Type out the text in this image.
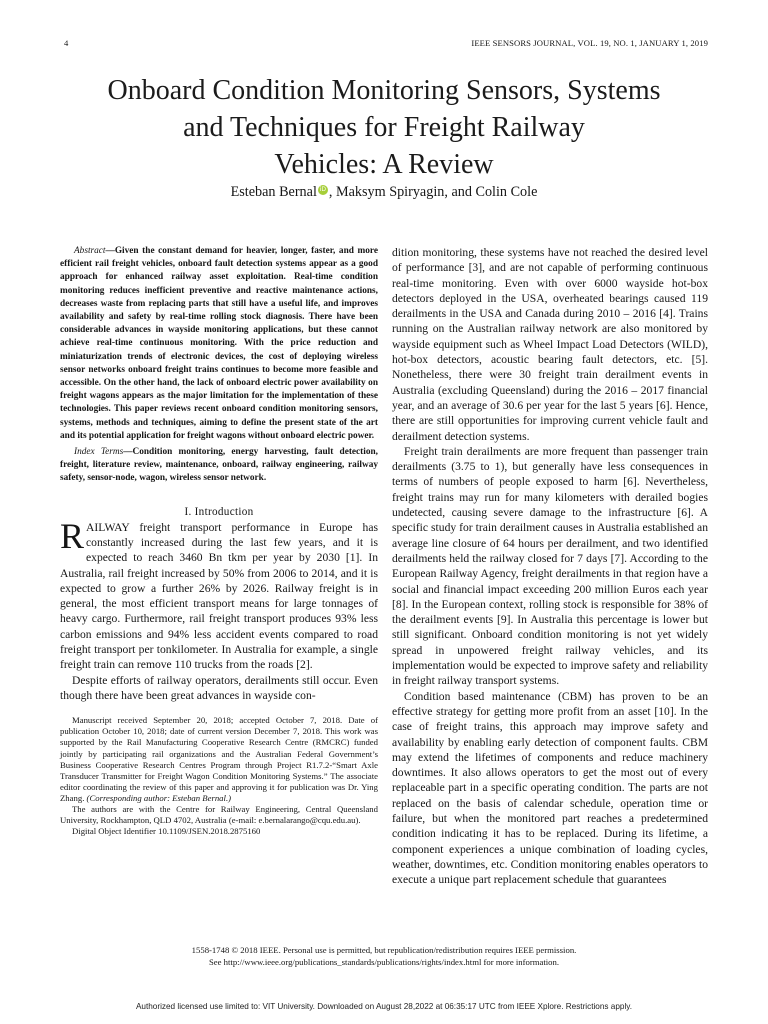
4	IEEE SENSORS JOURNAL, VOL. 19, NO. 1, JANUARY 1, 2019
Onboard Condition Monitoring Sensors, Systems
and Techniques for Freight Railway
Vehicles: A Review
Esteban Bernal iD , Maksym Spiryagin, and Colin Cole

Abstract—Given the constant demand for heavier, longer, faster, and more efficient rail freight vehicles, onboard fault detection systems appear as a good approach for enhanced railway asset exploitation. Real-time condition monitoring reduces inefficient preventive and reactive maintenance actions, decreases waste from replacing parts that still have a useful life, and improves availability and safety by real-time rolling stock diagnosis. There have been considerable advances in wayside monitoring applications, but these cannot achieve real-time continuous monitoring. With the price reduction and miniaturization trends of electronic devices, the cost of deploying wireless sensor networks onboard freight trains continues to become more feasible and accessible. On the other hand, the lack of onboard electric power availability on freight wagons appears as the major limitation for the implementation of these technologies. This paper reviews recent onboard condition monitoring sensors, systems, methods and techniques, aiming to define the present state of the art and its potential application for freight wagons without onboard electric power.

Index Terms—Condition monitoring, energy harvesting, fault detection, freight, literature review, maintenance, onboard, railway engineering, railway safety, sensor-node, wagon, wireless sensor network.

I. Introduction

RAILWAY freight transport performance in Europe has constantly increased during the last few years, and it is expected to reach 3460 Bn tkm per year by 2030 [1]. In Australia, rail freight increased by 50% from 2006 to 2014, and it is expected to grow a further 26% by 2026. Railway freight is in general, the most efficient transport means for large tonnages of heavy cargo. Furthermore, rail freight transport produces 93% less carbon emissions and 94% less accident events compared to road freight transport per tonkilometer. In Australia for example, a single freight train can remove 110 trucks from the roads [2].

Despite efforts of railway operators, derailments still occur. Even though there have been great advances in wayside con-

Manuscript received September 20, 2018; accepted October 7, 2018. Date of publication October 10, 2018; date of current version December 7, 2018. This work was supported by the Rail Manufacturing Cooperative Research Centre (RMCRC) funded jointly by participating rail organizations and the Australian Federal Government’s Business Cooperative Research Centres Program through Project R1.7.2-“Smart Axle Transducer Transmitter for Freight Wagon Condition Monitoring Systems.” The associate editor coordinating the review of this paper and approving it for publication was Dr. Ying Zhang. (Corresponding author: Esteban Bernal.)

The authors are with the Centre for Railway Engineering, Central Queensland University, Rockhampton, QLD 4702, Australia (e-mail: e.bernalarango@cqu.edu.au).

Digital Object Identifier 10.1109/JSEN.2018.2875160

dition monitoring, these systems have not reached the desired level of performance [3], and are not capable of performing continuous real-time monitoring. Even with over 6000 wayside hot-box detectors deployed in the USA, overheated bearings caused 119 derailments in the USA and Canada during 2010 – 2016 [4]. Trains running on the Australian railway network are also monitored by wayside equipment such as Wheel Impact Load Detectors (WILD), hot-box detectors, acoustic bearing fault detectors, etc. [5]. Nonetheless, there were 30 freight train derailment events in Australia (excluding Queensland) during the 2016 – 2017 financial year, and an average of 30.6 per year for the last 5 years [6]. Hence, there are still opportunities for improving current vehicle fault and derailment detection systems.

Freight train derailments are more frequent than passenger train derailments (3.75 to 1), but generally have less consequences in terms of numbers of people exposed to harm [6]. Nevertheless, freight trains may run for many kilometers with derailed bogies undetected, causing severe damage to the infrastructure [6]. A specific study for train derailment causes in Australia established an average line closure of 64 hours per derailment, and two identified derailments held the railway closed for 7 days [7]. According to the European Railway Agency, freight derailments in that region have a social and financial impact exceeding 200 million Euros each year [8]. In the European context, rolling stock is responsible for 38% of the derailment events [9]. In Australia this percentage is lower but still significant. Onboard condition monitoring is not yet widely spread in unpowered freight railway vehicles, and its implementation would be expected to improve safety and reliability in freight railway transport systems.

Condition based maintenance (CBM) has proven to be an effective strategy for getting more profit from an asset [10]. In the case of freight trains, this approach may improve safety and availability by enabling early detection of component faults. CBM may extend the lifetimes of components and reduce machinery downtimes. It also allows operators to get the most out of every replaceable part in a specific operating condition. The parts are not replaced on the basis of calendar schedule, operation time or failure, but when the monitored part reaches a predetermined condition indicating it has to be replaced. During its lifetime, a component experiences a unique combination of loading cycles, weather, downtimes, etc. Condition monitoring enables operators to execute a unique part replacement schedule that guarantees

1558-1748 © 2018 IEEE. Personal use is permitted, but republication/redistribution requires IEEE permission.
See http://www.ieee.org/publications_standards/publications/rights/index.html for more information.
Authorized licensed use limited to: VIT University. Downloaded on August 28,2022 at 06:35:17 UTC from IEEE Xplore. Restrictions apply.
